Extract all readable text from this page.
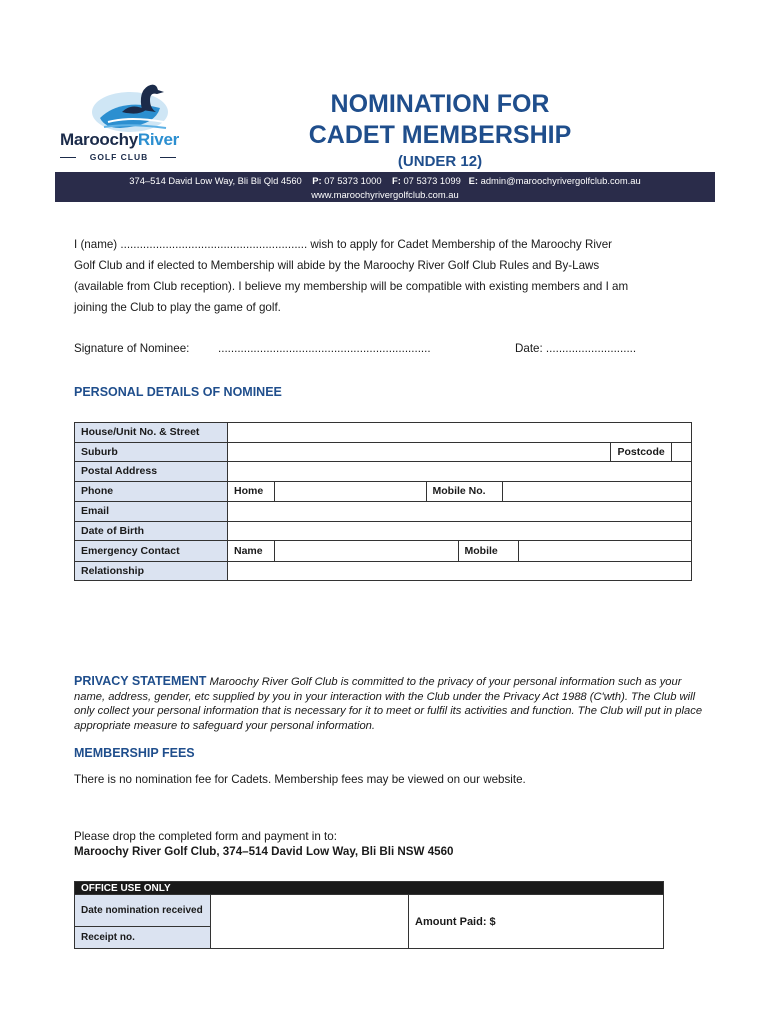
MaroochyRiver
GOLF CLUB
NOMINATION FOR
CADET MEMBERSHIP
(UNDER 12)
374–514 David Low Way, Bli Bli Qld 4560 P: 07 5373 1000 F: 07 5373 1099 E: admin@maroochyrivergolfclub.com.au
www.maroochyrivergolfclub.com.au
I (name) .......................................................... wish to apply for Cadet Membership of the Maroochy River
Golf Club and if elected to Membership will abide by the Maroochy River Golf Club Rules and By-Laws
(available from Club reception). I believe my membership will be compatible with existing members and I am
joining the Club to play the game of golf.
Signature of Nominee: ..................................................................	Date: ............................
PERSONAL DETAILS OF NOMINEE
House/Unit No. & Street	
Suburb		Postcode	
Postal Address	
Phone		Home		Mobile No.	

Email	
Date of Birth	
Emergency Contact		Name		Mobile	

Relationship	
PRIVACY STATEMENT Maroochy River Golf Club is committed to the privacy of your personal information such as your name, address, gender, etc supplied by you in your interaction with the Club under the Privacy Act 1988 (C'wth). The Club will only collect your personal information that is necessary for it to meet or fulfil its activities and function. The Club will put in place appropriate measure to safeguard your personal information.
MEMBERSHIP FEES
There is no nomination fee for Cadets. Membership fees may be viewed on our website.
Please drop the completed form and payment in to:
Maroochy River Golf Club, 374–514 David Low Way, Bli Bli NSW 4560
OFFICE USE ONLY
Date nomination received		Amount Paid: $
Receipt no.
